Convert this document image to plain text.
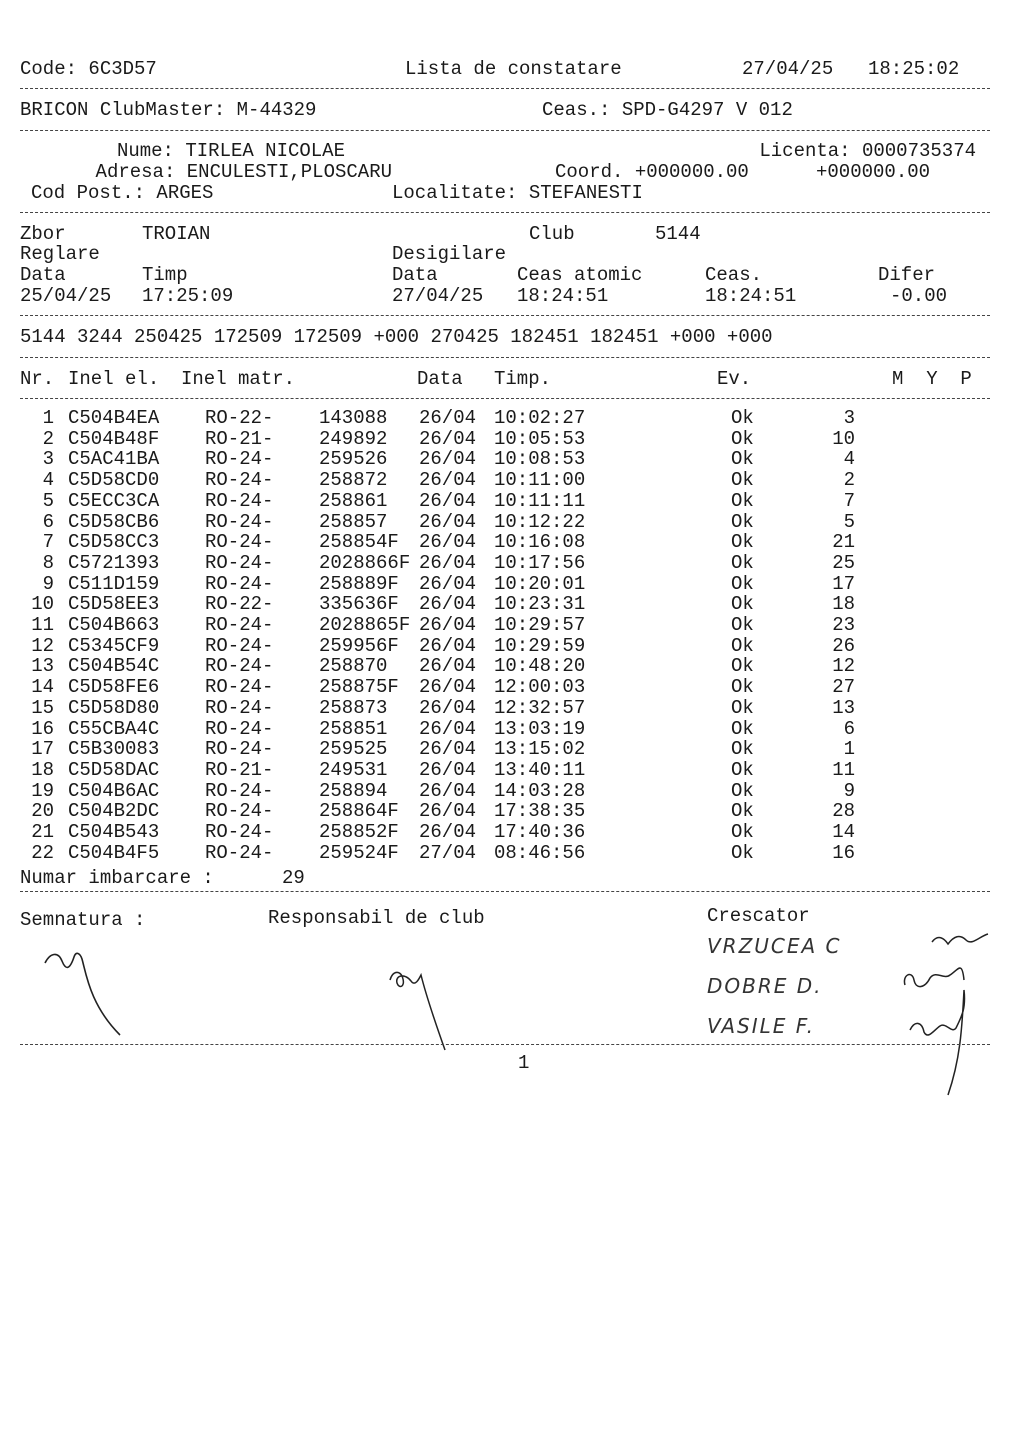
Code: 6C3D57	Lista de constatare	27/04/25 18:25:02
BRICON ClubMaster: M-44329	Ceas.: SPD-G4297 V 012
Nume: TIRLEA NICOLAE	Licenta: 0000735374
Adresa: ENCULESTI,PLOSCARU	Coord. +000000.00	+000000.00
Cod Post.: ARGES	Localitate: STEFANESTI
Zbor	TROIAN	Club	5144
Reglare	Desigilare
Data	Timp	Data	Ceas atomic	Ceas.	Difer
25/04/25 17:25:09	27/04/25 18:24:51	18:24:51	-0.00
5144 3244 250425 172509 172509 +000 270425 182451 182451 +000 +000
Nr. Inel el. Inel matr.	Data Timp.	Ev.	M  Y  P
1 C504B4EA RO-22- 143088 26/04 10:02:27	Ok	3
2 C504B48F RO-21- 249892 26/04 10:05:53	Ok	10
3 C5AC41BA RO-24- 259526 26/04 10:08:53	Ok	4
4 C5D58CD0 RO-24- 258872 26/04 10:11:00	Ok	2
5 C5ECC3CA RO-24- 258861 26/04 10:11:11	Ok	7
6 C5D58CB6 RO-24- 258857 26/04 10:12:22	Ok	5
7 C5D58CC3 RO-24- 258854F 26/04 10:16:08	Ok	21
8 C5721393 RO-24- 2028866F 26/04 10:17:56	Ok	25
9 C511D159 RO-24- 258889F 26/04 10:20:01	Ok	17
10 C5D58EE3 RO-22- 335636F 26/04 10:23:31	Ok	18
11 C504B663 RO-24- 2028865F 26/04 10:29:57	Ok	23
12 C5345CF9 RO-24- 259956F 26/04 10:29:59	Ok	26
13 C504B54C RO-24- 258870 26/04 10:48:20	Ok	12
14 C5D58FE6 RO-24- 258875F 26/04 12:00:03	Ok	27
15 C5D58D80 RO-24- 258873 26/04 12:32:57	Ok	13
16 C55CBA4C RO-24- 258851 26/04 13:03:19	Ok	6
17 C5B30083 RO-24- 259525 26/04 13:15:02	Ok	1
18 C5D58DAC RO-21- 249531 26/04 13:40:11	Ok	11
19 C504B6AC RO-24- 258894 26/04 14:03:28	Ok	9
20 C504B2DC RO-24- 258864F 26/04 17:38:35	Ok	28
21 C504B543 RO-24- 258852F 26/04 17:40:36	Ok	14
22 C504B4F5 RO-24- 259524F 27/04 08:46:56	Ok	16
Numar imbarcare :	29
Semnatura :	Responsabil de club	Crescator
VRZUCEA C
DOBRE D.
VASILE F.
1
